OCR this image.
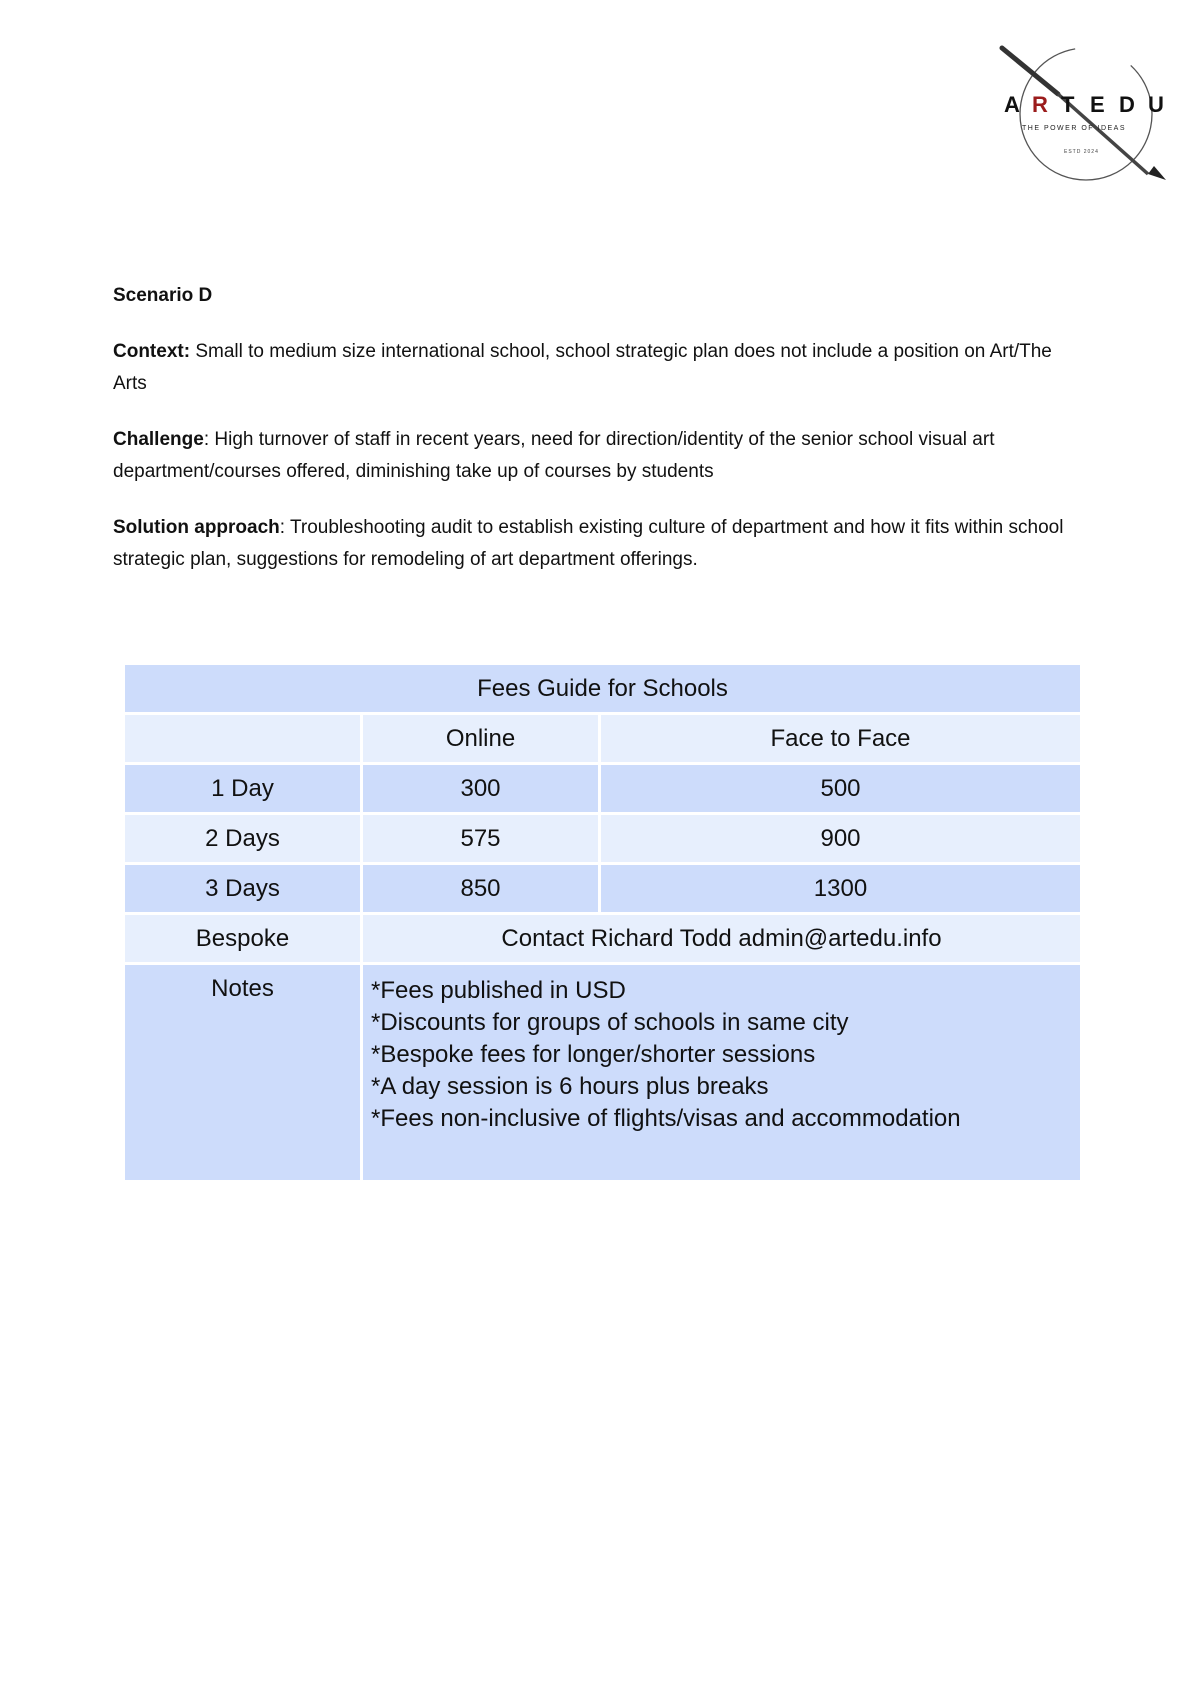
A R T E D U
THE POWER OF IDEAS
ESTD 2024

Scenario D

Context: Small to medium size international school, school strategic plan does not include a position on Art/The Arts

Challenge: High turnover of staff in recent years, need for direction/identity of the senior school visual art department/courses offered, diminishing take up of courses by students

Solution approach: Troubleshooting audit to establish existing culture of department and how it fits within school strategic plan, suggestions for remodeling of art department offerings.

Fees Guide for Schools		
	Online	Face to Face
1 Day	300	500
2 Days	575	900
3 Days	850	1300
Bespoke	Contact Richard Todd admin@artedu.info	
Notes	*Fees published in USD
*Discounts for groups of schools in same city
*Bespoke fees for longer/shorter sessions
*A day session is 6 hours plus breaks
*Fees non-inclusive of flights/visas and accommodation	
